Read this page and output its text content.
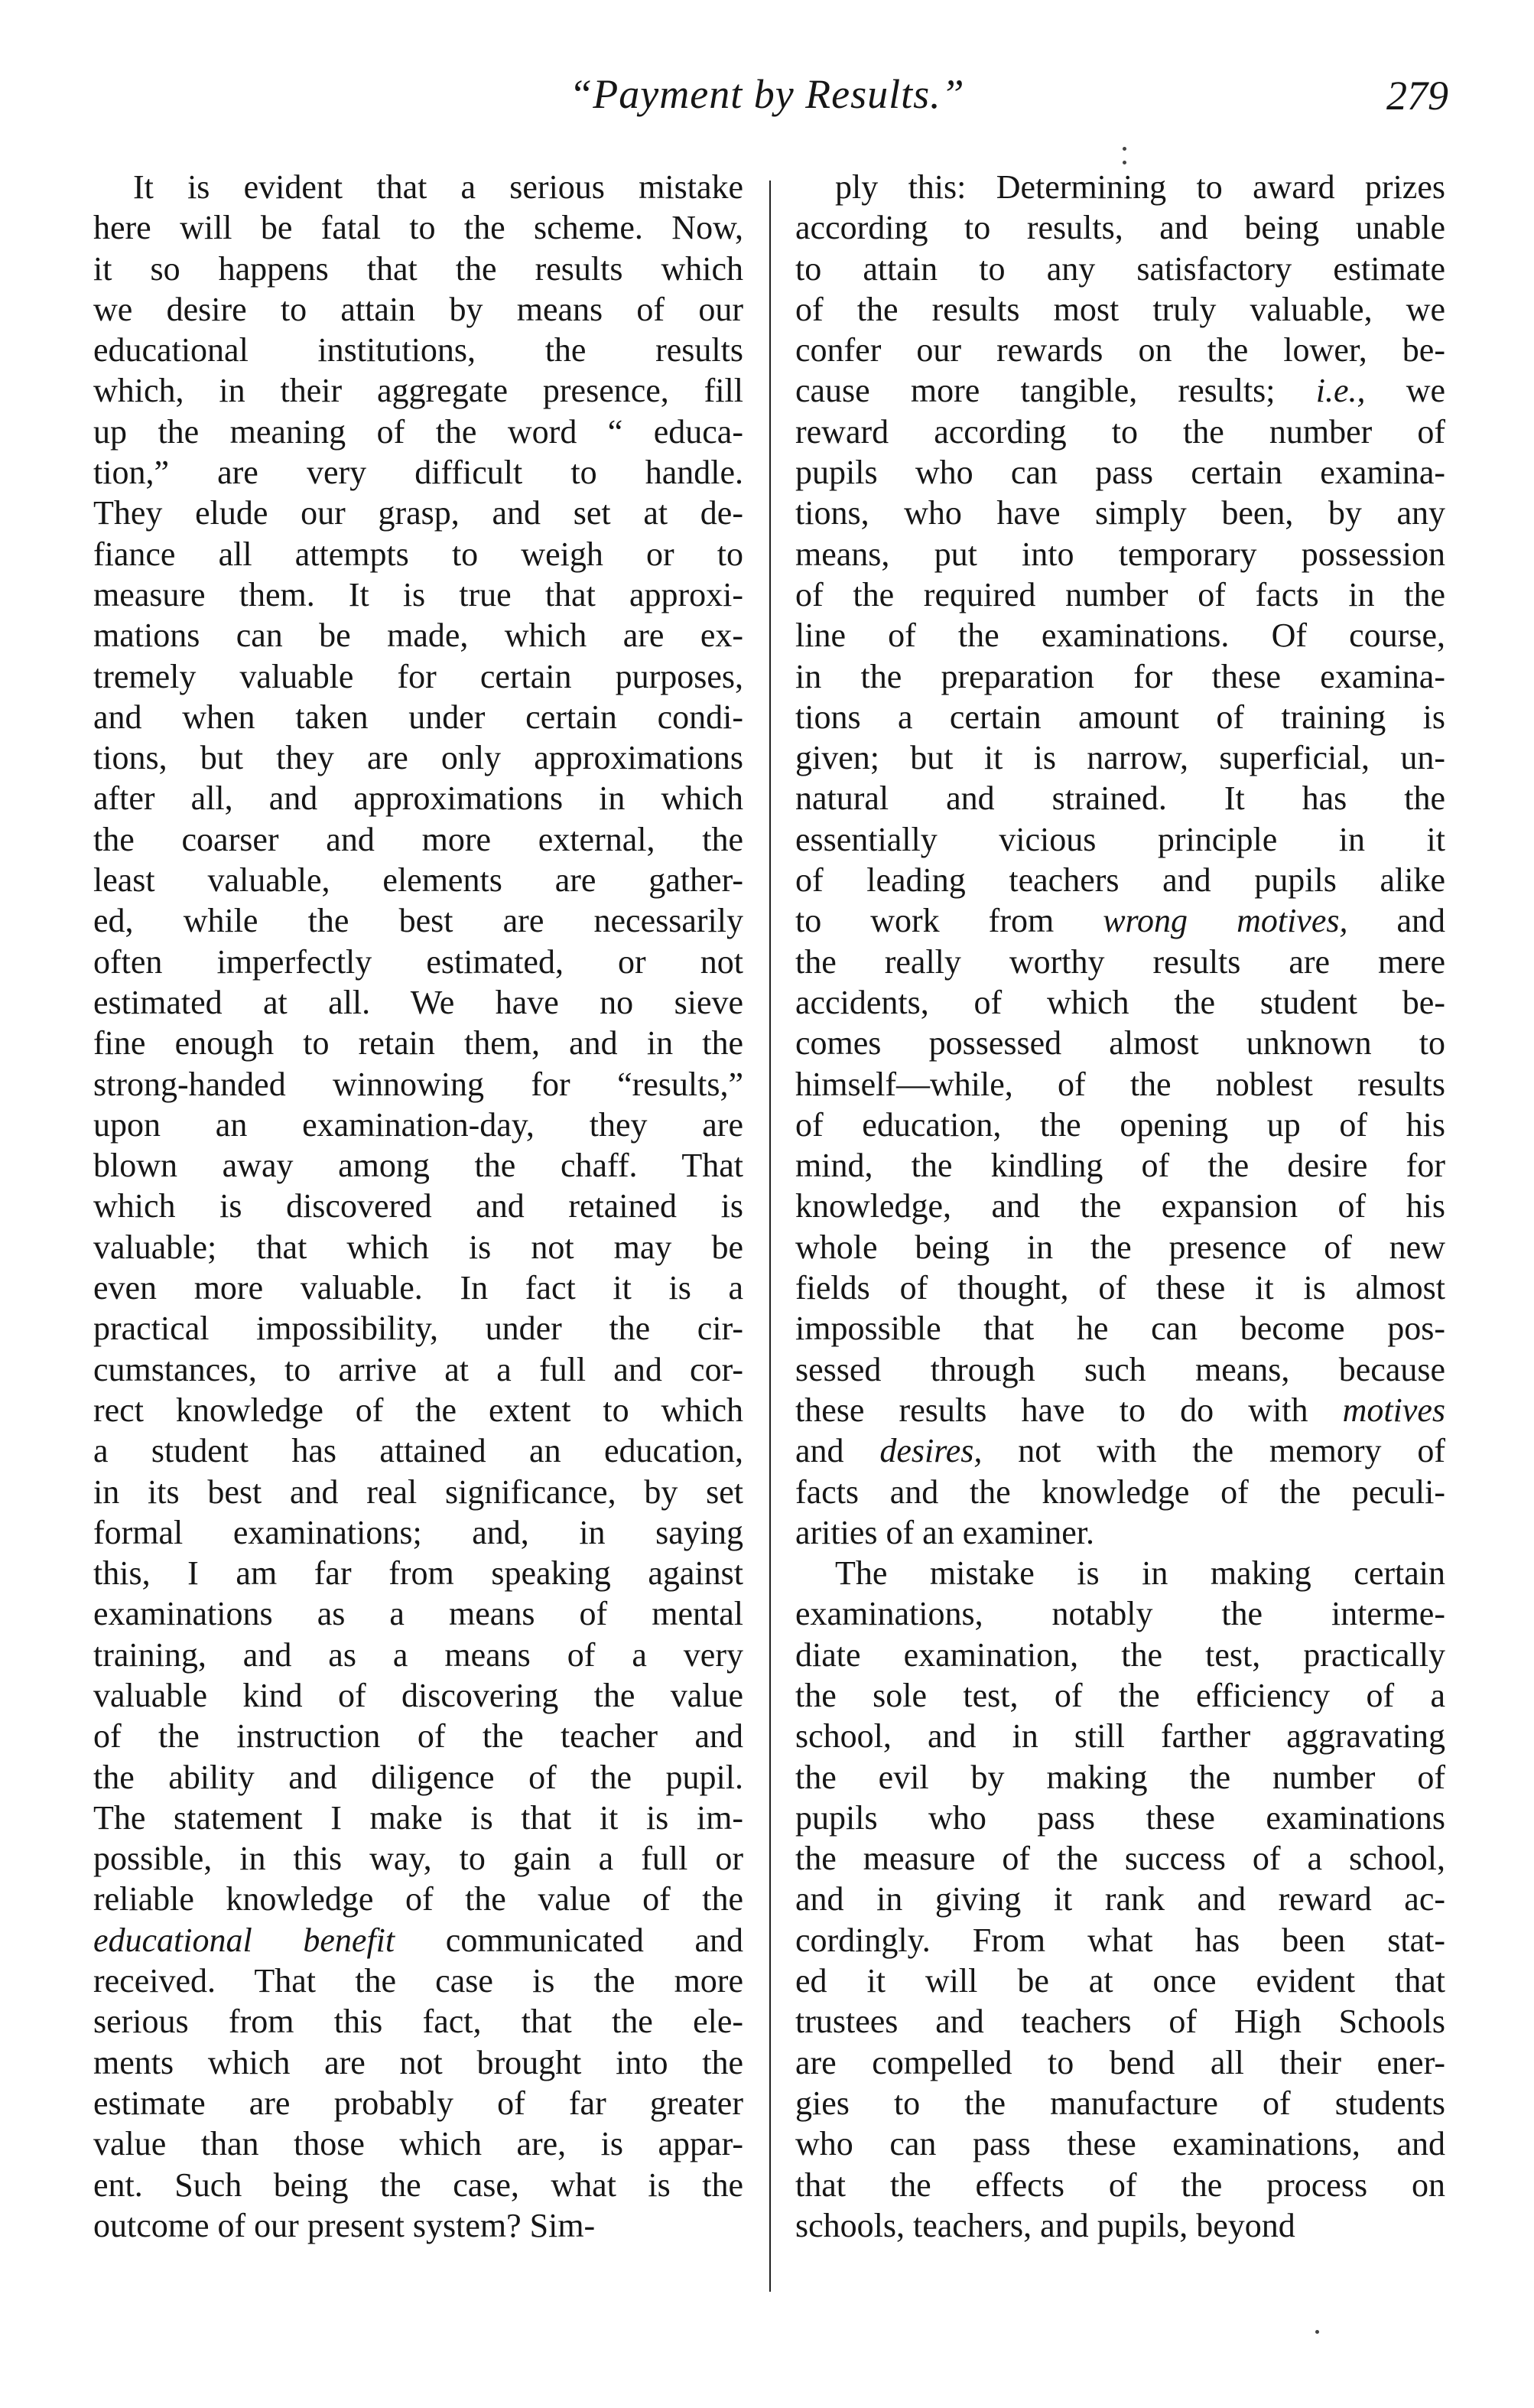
“Payment by Results.”	279

It is evident that a serious mistake
here will be fatal to the scheme. Now,
it so happens that the results which
we desire to attain by means of our
educational institutions, the results
which, in their aggregate presence, fill
up the meaning of the word “ educa-
tion,” are very difficult to handle.
They elude our grasp, and set at de-
fiance all attempts to weigh or to
measure them. It is true that approxi-
mations can be made, which are ex-
tremely valuable for certain purposes,
and when taken under certain condi-
tions, but they are only approximations
after all, and approximations in which
the coarser and more external, the
least valuable, elements are gather-
ed, while the best are necessarily
often imperfectly estimated, or not
estimated at all. We have no sieve
fine enough to retain them, and in the
strong-handed winnowing for “results,”
upon an examination-day, they are
blown away among the chaff. That
which is discovered and retained is
valuable; that which is not may be
even more valuable. In fact it is a
practical impossibility, under the cir-
cumstances, to arrive at a full and cor-
rect knowledge of the extent to which
a student has attained an education,
in its best and real significance, by set
formal examinations; and, in saying
this, I am far from speaking against
examinations as a means of mental
training, and as a means of a very
valuable kind of discovering the value
of the instruction of the teacher and
the ability and diligence of the pupil.
The statement I make is that it is im-
possible, in this way, to gain a full or
reliable knowledge of the value of the
educational benefit communicated and
received. That the case is the more
serious from this fact, that the ele-
ments which are not brought into the
estimate are probably of far greater
value than those which are, is appar-
ent. Such being the case, what is the
outcome of our present system? Sim-

ply this: Determining to award prizes
according to results, and being unable
to attain to any satisfactory estimate
of the results most truly valuable, we
confer our rewards on the lower, be-
cause more tangible, results; i.e., we
reward according to the number of
pupils who can pass certain examina-
tions, who have simply been, by any
means, put into temporary possession
of the required number of facts in the
line of the examinations. Of course,
in the preparation for these examina-
tions a certain amount of training is
given; but it is narrow, superficial, un-
natural and strained. It has the
essentially vicious principle in it
of leading teachers and pupils alike
to work from wrong motives, and
the really worthy results are mere
accidents, of which the student be-
comes possessed almost unknown to
himself—while, of the noblest results
of education, the opening up of his
mind, the kindling of the desire for
knowledge, and the expansion of his
whole being in the presence of new
fields of thought, of these it is almost
impossible that he can become pos-
sessed through such means, because
these results have to do with motives
and desires, not with the memory of
facts and the knowledge of the peculi-
arities of an examiner.

The mistake is in making certain
examinations, notably the interme-
diate examination, the test, practically
the sole test, of the efficiency of a
school, and in still farther aggravating
the evil by making the number of
pupils who pass these examinations
the measure of the success of a school,
and in giving it rank and reward ac-
cordingly. From what has been stat-
ed it will be at once evident that
trustees and teachers of High Schools
are compelled to bend all their ener-
gies to the manufacture of students
who can pass these examinations, and
that the effects of the process on
schools, teachers, and pupils, beyond
